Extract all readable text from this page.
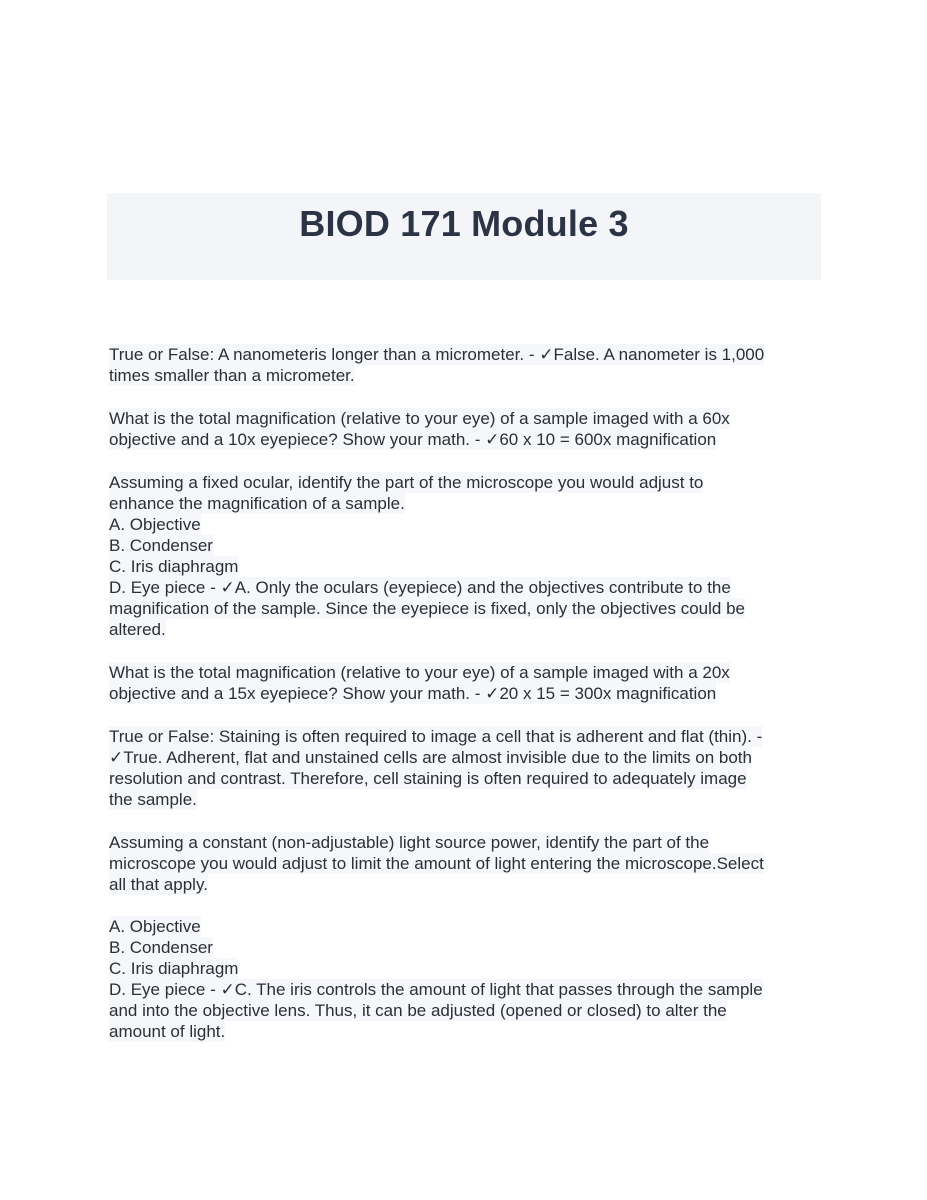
BIOD 171 Module 3
True or False: A nanometeris longer than a micrometer. - ✓False. A nanometer is 1,000
times smaller than a micrometer.
What is the total magnification (relative to your eye) of a sample imaged with a 60x
objective and a 10x eyepiece? Show your math. - ✓60 x 10 = 600x magnification
Assuming a fixed ocular, identify the part of the microscope you would adjust to
enhance the magnification of a sample.
A. Objective
B. Condenser
C. Iris diaphragm
D. Eye piece - ✓A. Only the oculars (eyepiece) and the objectives contribute to the
magnification of the sample. Since the eyepiece is fixed, only the objectives could be
altered.
What is the total magnification (relative to your eye) of a sample imaged with a 20x
objective and a 15x eyepiece? Show your math. - ✓20 x 15 = 300x magnification
True or False: Staining is often required to image a cell that is adherent and flat (thin). -
✓True. Adherent, flat and unstained cells are almost invisible due to the limits on both
resolution and contrast. Therefore, cell staining is often required to adequately image
the sample.
Assuming a constant (non-adjustable) light source power, identify the part of the
microscope you would adjust to limit the amount of light entering the microscope.Select
all that apply.
A. Objective
B. Condenser
C. Iris diaphragm
D. Eye piece - ✓C. The iris controls the amount of light that passes through the sample
and into the objective lens. Thus, it can be adjusted (opened or closed) to alter the
amount of light.
